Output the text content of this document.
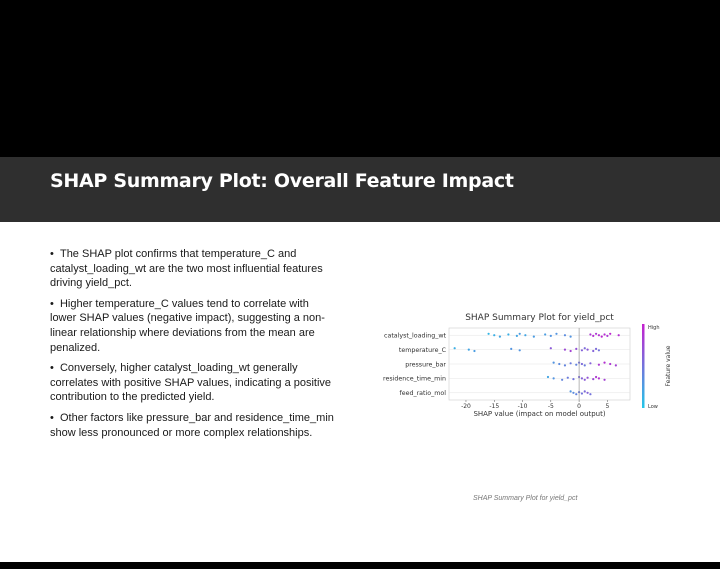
SHAP Summary Plot: Overall Feature Impact
•  The SHAP plot confirms that temperature_C and catalyst_loading_wt are the two most influential features driving yield_pct.
•  Higher temperature_C values tend to correlate with lower SHAP values (negative impact), suggesting a non-linear relationship where deviations from the mean are penalized.
•  Conversely, higher catalyst_loading_wt generally correlates with positive SHAP values, indicating a positive contribution to the predicted yield.
•  Other factors like pressure_bar and residence_time_min show less pronounced or more complex relationships.
SHAP Summary Plot for yield_pct
catalyst_loading_wt
temperature_C
pressure_bar
residence_time_min
feed_ratio_mol
-20	-15	-10	-5	0	5
SHAP value (impact on model output)
High
Low
Feature value
SHAP Summary Plot for yield_pct
